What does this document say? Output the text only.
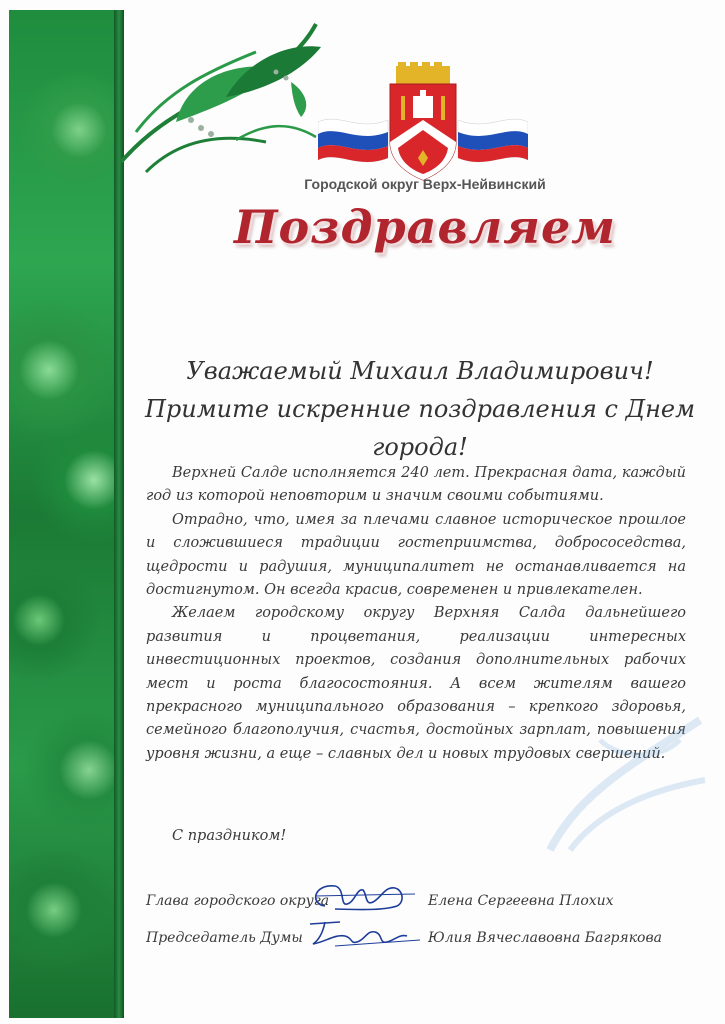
Городской округ Верх-Нейвинский
Поздравляем
Уважаемый Михаил Владимирович!
Примите искренние поздравления с Днем города!

Верхней Салде исполняется 240 лет. Прекрасная дата, каждый год из которой неповторим и значим своими событиями.

Отрадно, что, имея за плечами славное историческое прошлое и сложившиеся традиции гостеприимства, добрососедства, щедрости и радушия, муниципалитет не останавливается на достигнутом. Он всегда красив, современен и привлекателен.

Желаем городскому округу Верхняя Салда дальнейшего развития и процветания, реализации интересных инвестиционных проектов, создания дополнительных рабочих мест и роста благосостояния. А всем жителям вашего прекрасного муниципального образования – крепкого здоровья, семейного благополучия, счастья, достойных зарплат, повышения уровня жизни, а еще – славных дел и новых трудовых свершений.

С праздником!
Глава городского округа	Елена Сергеевна Плохих
Председатель Думы	Юлия Вячеславовна Багрякова
